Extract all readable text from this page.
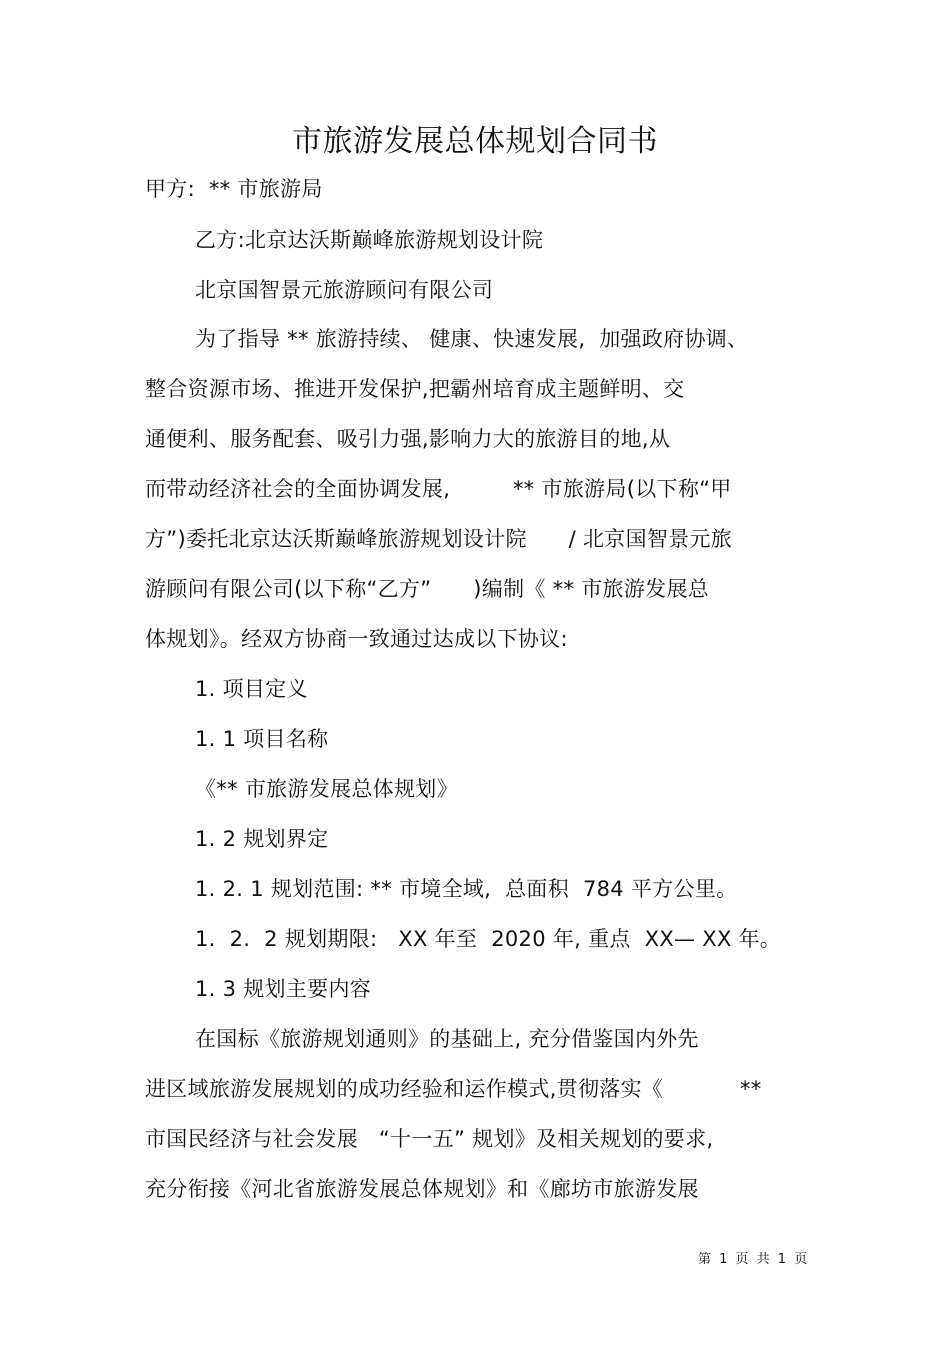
市旅游发展总体规划合同书
甲方:  ** 市旅游局
乙方:北京达沃斯巅峰旅游规划设计院
北京国智景元旅游顾问有限公司
为了指导 ** 旅游持续、 健康、快速发展,  加强政府协调、
整合资源市场、推进开发保护,把霸州培育成主题鲜明、交
通便利、服务配套、吸引力强,影响力大的旅游目的地,从
而带动经济社会的全面协调发展,         ** 市旅游局(以下称“甲
方”)委托北京达沃斯巅峰旅游规划设计院      / 北京国智景元旅
游顾问有限公司(以下称“乙方”      )编制《 ** 市旅游发展总
体规划》。经双方协商一致通过达成以下协议:
1. 项目定义
1. 1 项目名称
《** 市旅游发展总体规划》
1. 2 规划界定
1. 2. 1 规划范围: ** 市境全域,  总面积  784 平方公里。
1.  2.  2 规划期限:   XX 年至  2020 年, 重点  XX— XX 年。
1. 3 规划主要内容
在国标《旅游规划通则》的基础上, 充分借鉴国内外先
进区域旅游发展规划的成功经验和运作模式,贯彻落实《           **
市国民经济与社会发展   “十一五” 规划》及相关规划的要求,
充分衔接《河北省旅游发展总体规划》和《廊坊市旅游发展
第 1 页 共 1 页
